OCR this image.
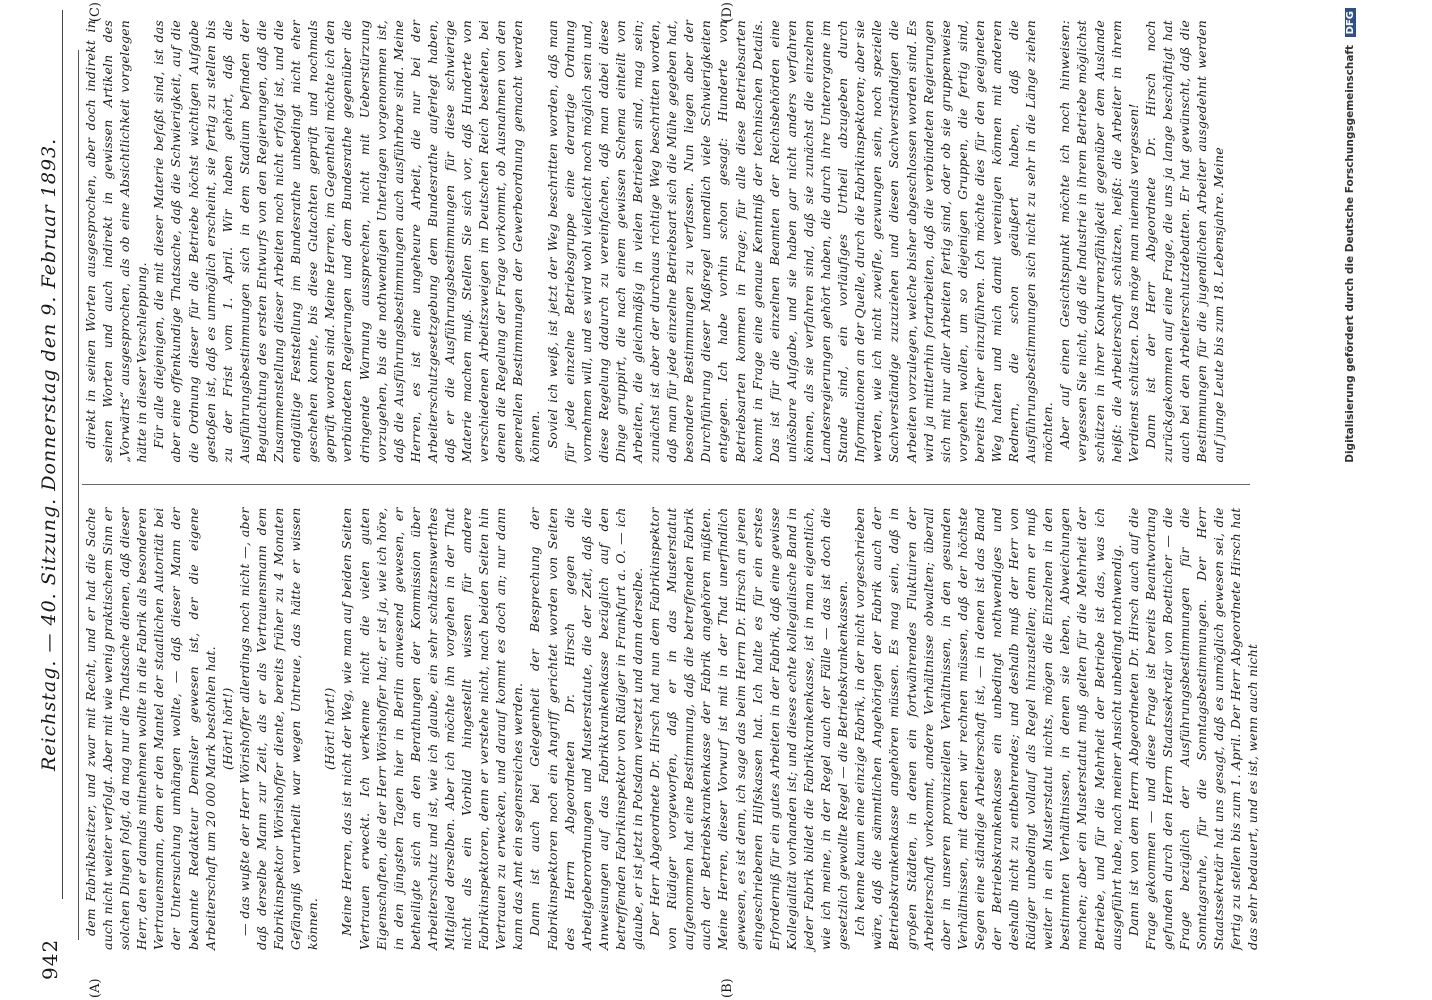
942
Reichstag. — 40. Sitzung. Donnerstag den 9. Februar 1893.
(A)	(B)
(C)	(D)

dem Fabrikbesitzer, und zwar mit Recht, und er hat die Sache auch nicht weiter verfolgt. Aber mit wie wenig praktischem Sinn er solchen Dingen folgt, da mag nur die Thatsache dienen, daß dieser Herr, den er damals mitnehmen wollte in die Fabrik als besonderen Vertrauensmann, dem er den Mantel der staatlichen Autorität bei der Untersuchung umhängen wollte, — daß dieser Mann der bekannte Redakteur Demisler gewesen ist, der die eigene Arbeiterschaft um 20 000 Mark bestohlen hat. (Hört! hört!) — das wußte der Herr Wörishoffer allerdings noch nicht —, aber daß derselbe Mann zur Zeit, als er als Vertrauensmann dem Fabrikinspektor Wörishoffer diente, bereits früher zu 4 Monaten Gefängniß verurtheilt war wegen Untreue, das hätte er wissen können.

(Hört! hört!) Meine Herren, das ist nicht der Weg, wie man auf beiden Seiten Vertrauen erweckt. Ich verkenne nicht die vielen guten Eigenschaften, die der Herr Wörishoffer hat; er ist ja, wie ich höre, in den jüngsten Tagen hier in Berlin anwesend gewesen, er betheiligte sich an den Berathungen der Kommission über Arbeiterschutz und ist, wie ich glaube, ein sehr schätzenswerthes Mitglied derselben. Aber ich möchte ihn vorgehen in der That nicht als ein Vorbild hingestellt wissen für andere Fabrikinspektoren, denn er verstehe nicht, nach beiden Seiten hin Vertrauen zu erwecken, und darauf kommt es doch an; nur dann kann das Amt ein segensreiches werden. Dann ist auch bei Gelegenheit der Besprechung der Fabrikinspektoren noch ein Angriff gerichtet worden von Seiten des Herrn Abgeordneten Dr. Hirsch gegen die Arbeitgeberordnungen und Musterstatute, die der Zeit, daß die Anweisungen auf das Fabrikkrankenkasse bezüglich auf den betreffenden Fabrikinspektor von Rüdiger in Frankfurt a. O. — ich glaube, er ist jetzt in Potsdam versetzt und dann derselbe. Der Herr Abgeordnete Dr. Hirsch hat nun dem Fabrikinspektor von Rüdiger vorgeworfen, daß er in das Musterstatut aufgenommen hat eine Bestimmung, daß die betreffenden Fabrik auch der Betriebskrankenkasse der Fabrik angehören müßten. Meine Herren, dieser Vorwurf ist mit in der That unerfindlich gewesen, es ist denn, ich sage das beim Herrn Dr. Hirsch an jenen eingeschriebenen Hilfskassen hat. Ich halte es für ein erstes Erforderniß für ein gutes Arbeiten in der Fabrik, daß eine gewisse Kollegialität vorhanden ist; und dieses echte kollegialische Band in jeder Fabrik bildet die Fabrikkrankenkasse, ist in man eigentlich, wie ich meine, in der Regel auch der Fälle — das ist doch die gesetzlich gewollte Regel — die Betriebskrankenkassen. Ich kenne kaum eine einzige Fabrik, in der nicht vorgeschrieben wäre, daß die sämmtlichen Angehörigen der Fabrik auch der Betriebskrankenkasse angehören müssen. Es mag sein, daß in großen Städten, in denen ein fortwährendes Fluktuiren der Arbeiterschaft vorkommt, andere Verhältnisse obwalten; überall aber in unseren provinziellen Verhältnissen, in den gesunden Verhältnissen, mit denen wir rechnen müssen, daß der höchste Segen eine ständige Arbeiterschaft ist, — in denen ist das Band der Betriebskrankenkasse ein unbedingt nothwendiges und deshalb nicht zu entbehrendes; und deshalb muß der Herr von Rüdiger unbedingt vollauf als Regel hinzustellen; denn er muß weiter in ein Musterstatut nichts, mögen die Einzelnen in den bestimmten Verhältnissen, in denen sie leben, Abweichungen machen; aber ein Musterstatut muß gelten für die Mehrheit der Betriebe, und für die Mehrheit der Betriebe ist das, was ich ausgeführt habe, nach meiner Ansicht unbedingt nothwendig. Dann ist von dem Herrn Abgeordneten Dr. Hirsch auch auf die Frage gekommen — und diese Frage ist bereits Beantwortung gefunden durch den Herrn Staatssekretär von Boetticher — die Frage bezüglich der Ausführungsbestimmungen für die Sonntagsruhe, für die Sonntagsbestimmungen. Der Herr Staatssekretär hat uns gesagt, daß es unmöglich gewesen sei, die fertig zu stellen bis zum 1. April. Der Herr Abgeordnete Hirsch hat das sehr bedauert, und es ist, wenn auch nicht

direkt in seinen Worten ausgesprochen, aber doch indirekt in seinen Worten und auch indirekt in gewissen Artikeln des „Vorwärts“ ausgesprochen, als ob eine Absichtlichkeit vorgelegen hätte in dieser Verschleppung. Für alle diejenigen, die mit dieser Materie befaßt sind, ist das aber eine offenkundige Thatsache, daß die Schwierigkeit, auf die die Ordnung dieser für die Betriebe höchst wichtigen Aufgabe gestoßen ist, daß es unmöglich erscheint, sie fertig zu stellen bis zu der Frist vom 1. April. Wir haben gehört, daß die Ausführungsbestimmungen sich in dem Stadium befinden der Begutachtung des ersten Entwurfs von den Regierungen, daß die Zusammenstellung dieser Arbeiten noch nicht erfolgt ist, und die endgültige Feststellung im Bundesrathe unbedingt nicht eher geschehen konnte, bis diese Gutachten geprüft und nochmals geprüft worden sind. Meine Herren, im Gegentheil möchte ich den verbündeten Regierungen und dem Bundesrathe gegenüber die dringende Warnung aussprechen, nicht mit Ueberstürzung vorzugehen, bis die nothwendigen Unterlagen vorgenommen ist, daß die Ausführungsbestimmungen auch ausführbare sind. Meine Herren, es ist eine ungeheure Arbeit, die nur bei der Arbeiterschutzgesetzgebung dem Bundesrathe auferlegt haben, daß er die Ausführungsbestimmungen für diese schwierige Materie machen muß. Stellen Sie sich vor, daß Hunderte von verschiedenen Arbeitszweigen im Deutschen Reich bestehen, bei denen die Regelung der Frage vorkommt, ob Ausnahmen von den generellen Bestimmungen der Gewerbeordnung gemacht werden können. Soviel ich weiß, ist jetzt der Weg beschritten worden, daß man für jede einzelne Betriebsgruppe eine derartige Ordnung vornehmen will, und es wird wohl vielleicht noch möglich sein und, diese Regelung dadurch zu vereinfachen, daß man dabei diese Dinge gruppirt, die nach einem gewissen Schema einteilt von Arbeiten, die gleichmäßig in vielen Betrieben sind, mag sein; zunächst ist aber der durchaus richtige Weg beschritten worden, daß man für jede einzelne Betriebsart sich die Mühe gegeben hat, besondere Bestimmungen zu verfassen. Nun liegen aber der Durchführung dieser Maßregel unendlich viele Schwierigkeiten entgegen. Ich habe vorhin schon gesagt: Hunderte von Betriebsarten kommen in Frage; für alle diese Betriebsarten kommt in Frage eine genaue Kenntniß der technischen Details. Das ist für die einzelnen Beamten der Reichsbehörden eine unlösbare Aufgabe, und sie haben gar nicht anders verfahren können, als sie verfahren sind, daß sie zunächst die einzelnen Landesregierungen gehört haben, die durch ihre Unterorgane im Stande sind, ein vorläufiges Urtheil abzugeben durch Informationen an der Quelle, durch die Fabrikinspektoren; aber sie werden, wie ich nicht zweifle, gezwungen sein, noch spezielle Sachverständige zuzuziehen und diesen Sachverständigen die Arbeiten vorzulegen, welche bisher abgeschlossen worden sind. Es wird ja mittlerhin fortarbeiten, daß die verbündeten Regierungen sich mit nur aller Arbeiten fertig sind, oder ob sie gruppenweise vorgehen wollen, um so diejenigen Gruppen, die fertig sind, bereits früher einzuführen. Ich möchte dies für den geeigneten Weg halten und mich damit vereinigen können mit anderen Rednern, die schon geäußert haben, daß die Ausführungsbestimmungen sich nicht zu sehr in die Länge ziehen möchten. Aber auf einen Gesichtspunkt möchte ich noch hinweisen: vergessen Sie nicht, daß die Industrie in ihrem Betriebe möglichst schützen in ihrer Konkurrenzfähigkeit gegenüber dem Auslande heißt: die Arbeiterschaft schützen, heißt: die Arbeiter in ihrem Verdienst schützen. Das möge man niemals vergessen! Dann ist der Herr Abgeordnete Dr. Hirsch noch zurückgekommen auf eine Frage, die uns ja lange beschäftigt hat auch bei den Arbeiterschutzdebatten. Er hat gewünscht, daß die Bestimmungen für die jugendlichen Arbeiter ausgedehnt werden auf junge Leute bis zum 18. Lebensjahre. Meine	Digitalisierung gefördert durch die Deutsche Forschungsgemeinschaft DFG
